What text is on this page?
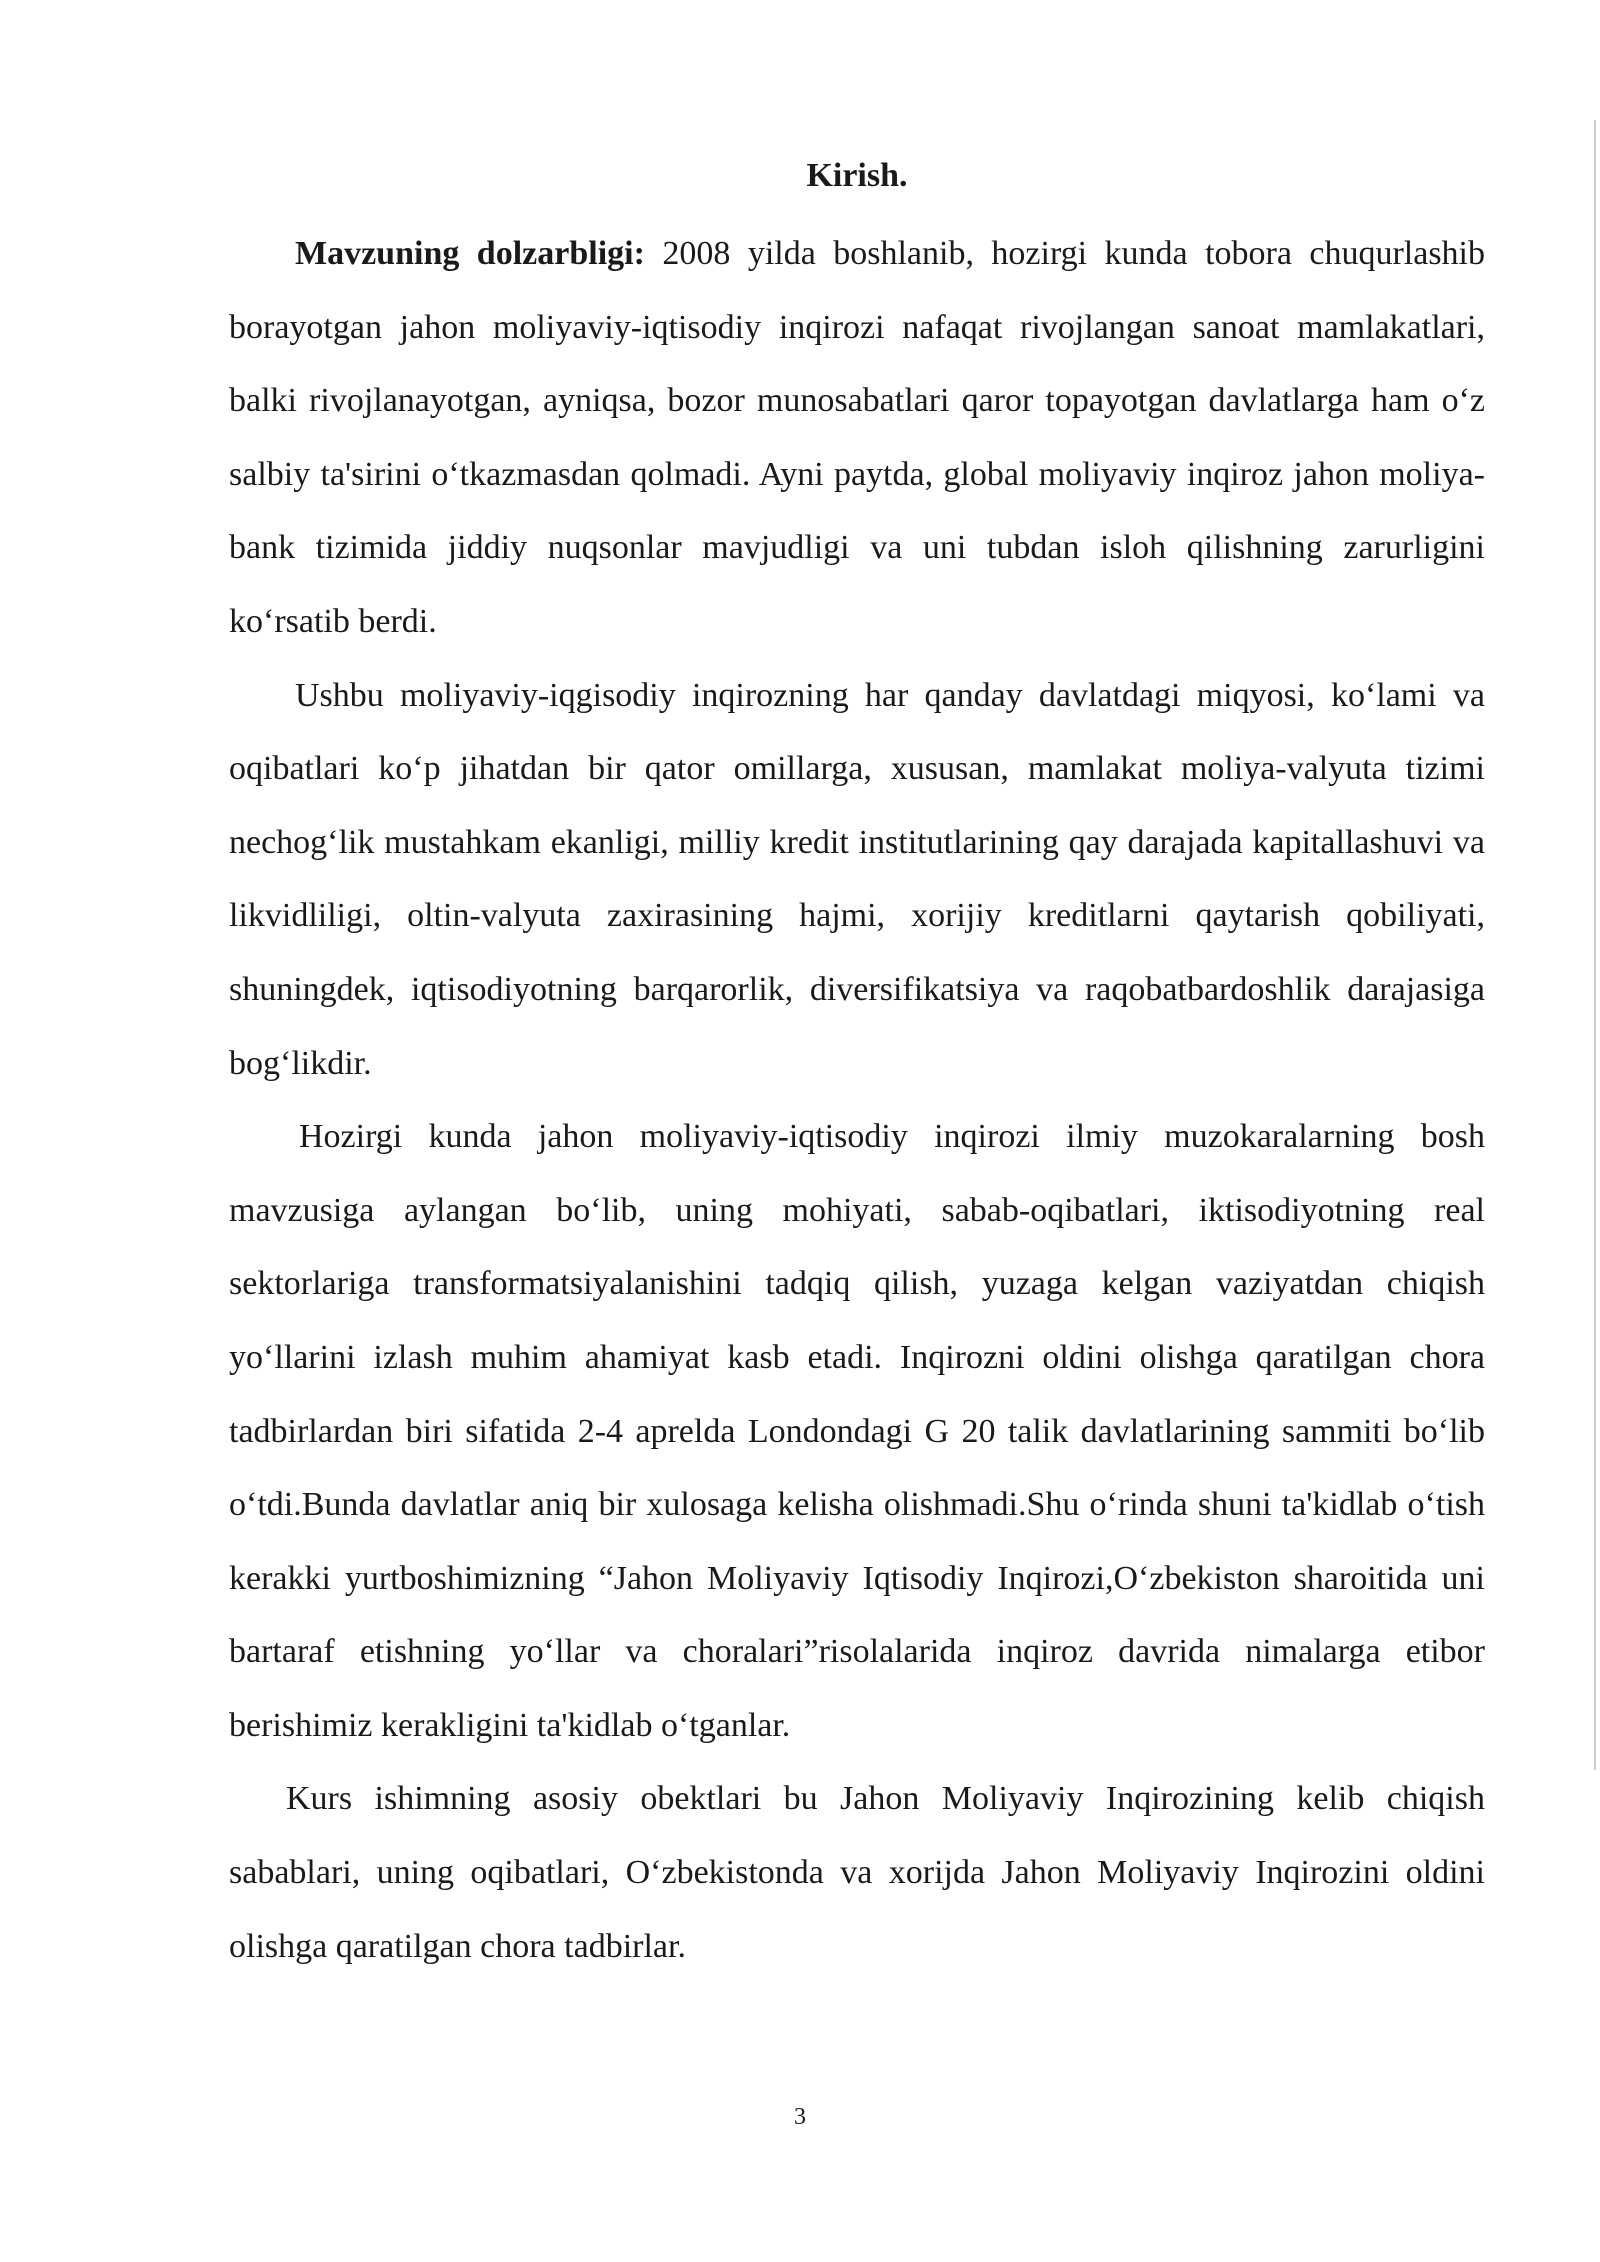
Kirish.

Mavzuning dolzarbligi: 2008 yilda boshlanib, hozirgi kunda tobora chuqurlashib borayotgan jahon moliyaviy-iqtisodiy inqirozi nafaqat rivojlangan sanoat mamlakatlari, balki rivojlanayotgan, ayniqsa, bozor munosabatlari qaror topayotgan davlatlarga ham o‘z salbiy ta'sirini o‘tkazmasdan qolmadi. Ayni paytda, global moliyaviy inqiroz jahon moliya-bank tizimida jiddiy nuqsonlar mavjudligi va uni tubdan isloh qilishning zarurligini ko‘rsatib berdi.

Ushbu moliyaviy-iqgisodiy inqirozning har qanday davlatdagi miqyosi, ko‘lami va oqibatlari ko‘p jihatdan bir qator omillarga, xususan, mamlakat moliya-valyuta tizimi nechog‘lik mustahkam ekanligi, milliy kredit institutlarining qay darajada kapitallashuvi va likvidliligi, oltin-valyuta zaxirasining hajmi, xorijiy kreditlarni qaytarish qobiliyati, shuningdek, iqtisodiyotning barqarorlik, diversifikatsiya va raqobatbardoshlik darajasiga bog‘likdir.

Hozirgi kunda jahon moliyaviy-iqtisodiy inqirozi ilmiy muzokaralarning bosh mavzusiga aylangan bo‘lib, uning mohiyati, sabab-oqibatlari, iktisodiyotning real sektorlariga transformatsiyalanishini tadqiq qilish, yuzaga kelgan vaziyatdan chiqish yo‘llarini izlash muhim ahamiyat kasb etadi. Inqirozni oldini olishga qaratilgan chora tadbirlardan biri sifatida 2-4 aprelda Londondagi G 20 talik davlatlarining sammiti bo‘lib o‘tdi.Bunda davlatlar aniq bir xulosaga kelisha olishmadi.Shu o‘rinda shuni ta'kidlab o‘tish kerakki yurtboshimizning “Jahon Moliyaviy Iqtisodiy Inqirozi,O‘zbekiston sharoitida uni bartaraf etishning yo‘llar va choralari”risolalarida inqiroz davrida nimalarga etibor berishimiz kerakligini ta'kidlab o‘tganlar.

Kurs ishimning asosiy obektlari bu Jahon Moliyaviy Inqirozining kelib chiqish sabablari, uning oqibatlari, O‘zbekistonda va xorijda Jahon Moliyaviy Inqirozini oldini olishga qaratilgan chora tadbirlar.

3
